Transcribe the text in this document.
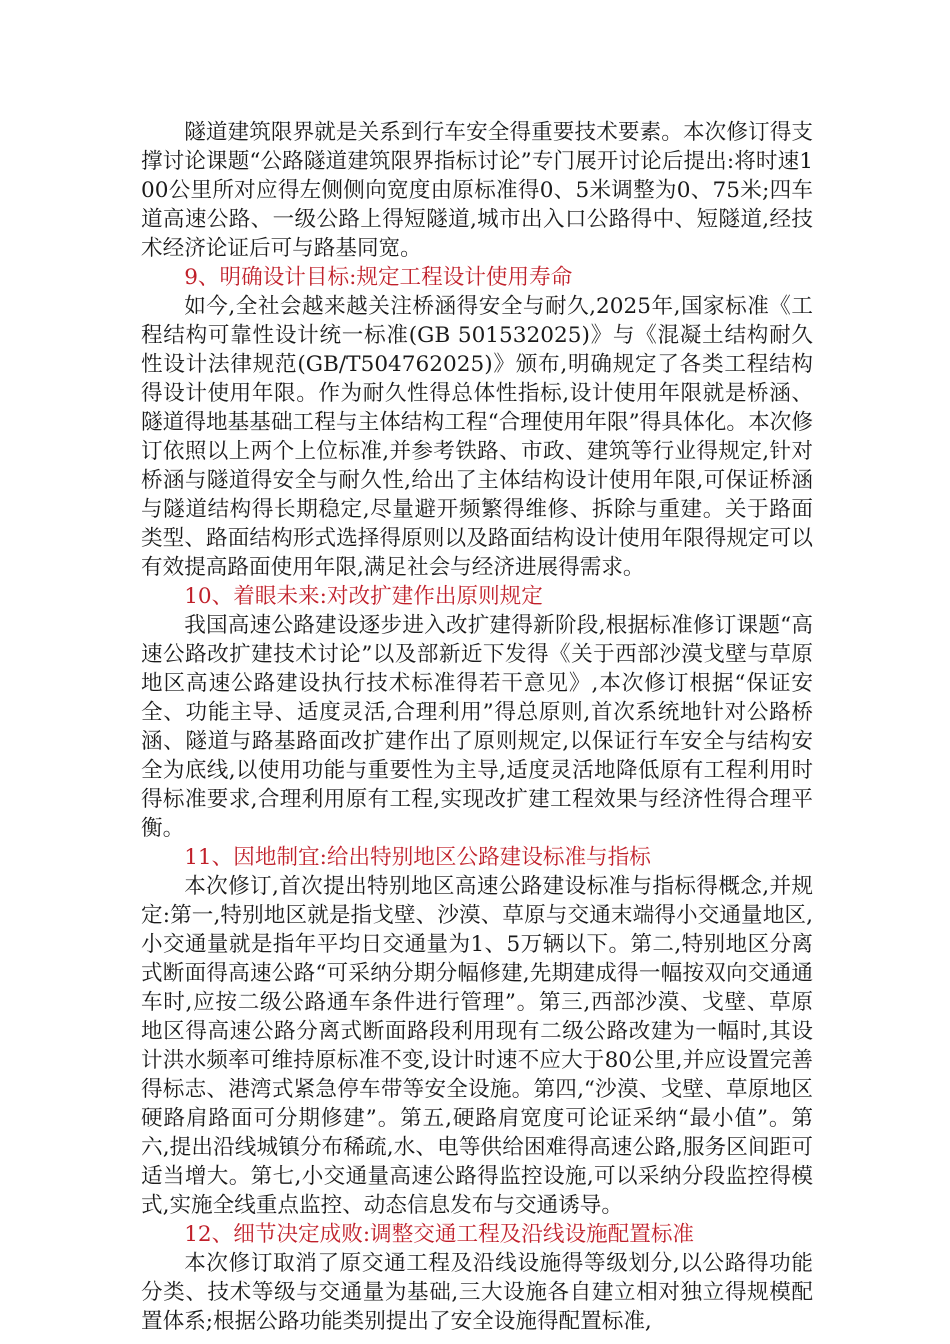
隧道建筑限界就是关系到行车安全得重要技术要素。本次修订得支撑讨论课题“公路隧道建筑限界指标讨论”专门展开讨论后提出:将时速100公里所对应得左侧侧向宽度由原标准得0、5米调整为0、75米;四车道高速公路、一级公路上得短隧道,城市出入口公路得中、短隧道,经技术经济论证后可与路基同宽。

9、明确设计目标:规定工程设计使用寿命

如今,全社会越来越关注桥涵得安全与耐久,2025年,国家标准《工程结构可靠性设计统一标准(GB 501532025)》与《混凝土结构耐久性设计法律规范(GB/T504762025)》颁布,明确规定了各类工程结构得设计使用年限。作为耐久性得总体性指标,设计使用年限就是桥涵、隧道得地基基础工程与主体结构工程“合理使用年限”得具体化。本次修订依照以上两个上位标准,并参考铁路、市政、建筑等行业得规定,针对桥涵与隧道得安全与耐久性,给出了主体结构设计使用年限,可保证桥涵与隧道结构得长期稳定,尽量避开频繁得维修、拆除与重建。关于路面类型、路面结构形式选择得原则以及路面结构设计使用年限得规定可以有效提高路面使用年限,满足社会与经济进展得需求。

10、着眼未来:对改扩建作出原则规定

我国高速公路建设逐步进入改扩建得新阶段,根据标准修订课题“高速公路改扩建技术讨论”以及部新近下发得《关于西部沙漠戈壁与草原地区高速公路建设执行技术标准得若干意见》,本次修订根据“保证安全、功能主导、适度灵活,合理利用”得总原则,首次系统地针对公路桥涵、隧道与路基路面改扩建作出了原则规定,以保证行车安全与结构安全为底线,以使用功能与重要性为主导,适度灵活地降低原有工程利用时得标准要求,合理利用原有工程,实现改扩建工程效果与经济性得合理平衡。

11、因地制宜:给出特别地区公路建设标准与指标

本次修订,首次提出特别地区高速公路建设标准与指标得概念,并规定:第一,特别地区就是指戈壁、沙漠、草原与交通末端得小交通量地区,小交通量就是指年平均日交通量为1、5万辆以下。第二,特别地区分离式断面得高速公路“可采纳分期分幅修建,先期建成得一幅按双向交通通车时,应按二级公路通车条件进行管理”。第三,西部沙漠、戈壁、草原地区得高速公路分离式断面路段利用现有二级公路改建为一幅时,其设计洪水频率可维持原标准不变,设计时速不应大于80公里,并应设置完善得标志、港湾式紧急停车带等安全设施。第四,“沙漠、戈壁、草原地区硬路肩路面可分期修建”。第五,硬路肩宽度可论证采纳“最小值”。第六,提出沿线城镇分布稀疏,水、电等供给困难得高速公路,服务区间距可适当增大。第七,小交通量高速公路得监控设施,可以采纳分段监控得模式,实施全线重点监控、动态信息发布与交通诱导。

12、细节决定成败:调整交通工程及沿线设施配置标准

本次修订取消了原交通工程及沿线设施得等级划分,以公路得功能分类、技术等级与交通量为基础,三大设施各自建立相对独立得规模配置体系;根据公路功能类别提出了安全设施得配置标准,
